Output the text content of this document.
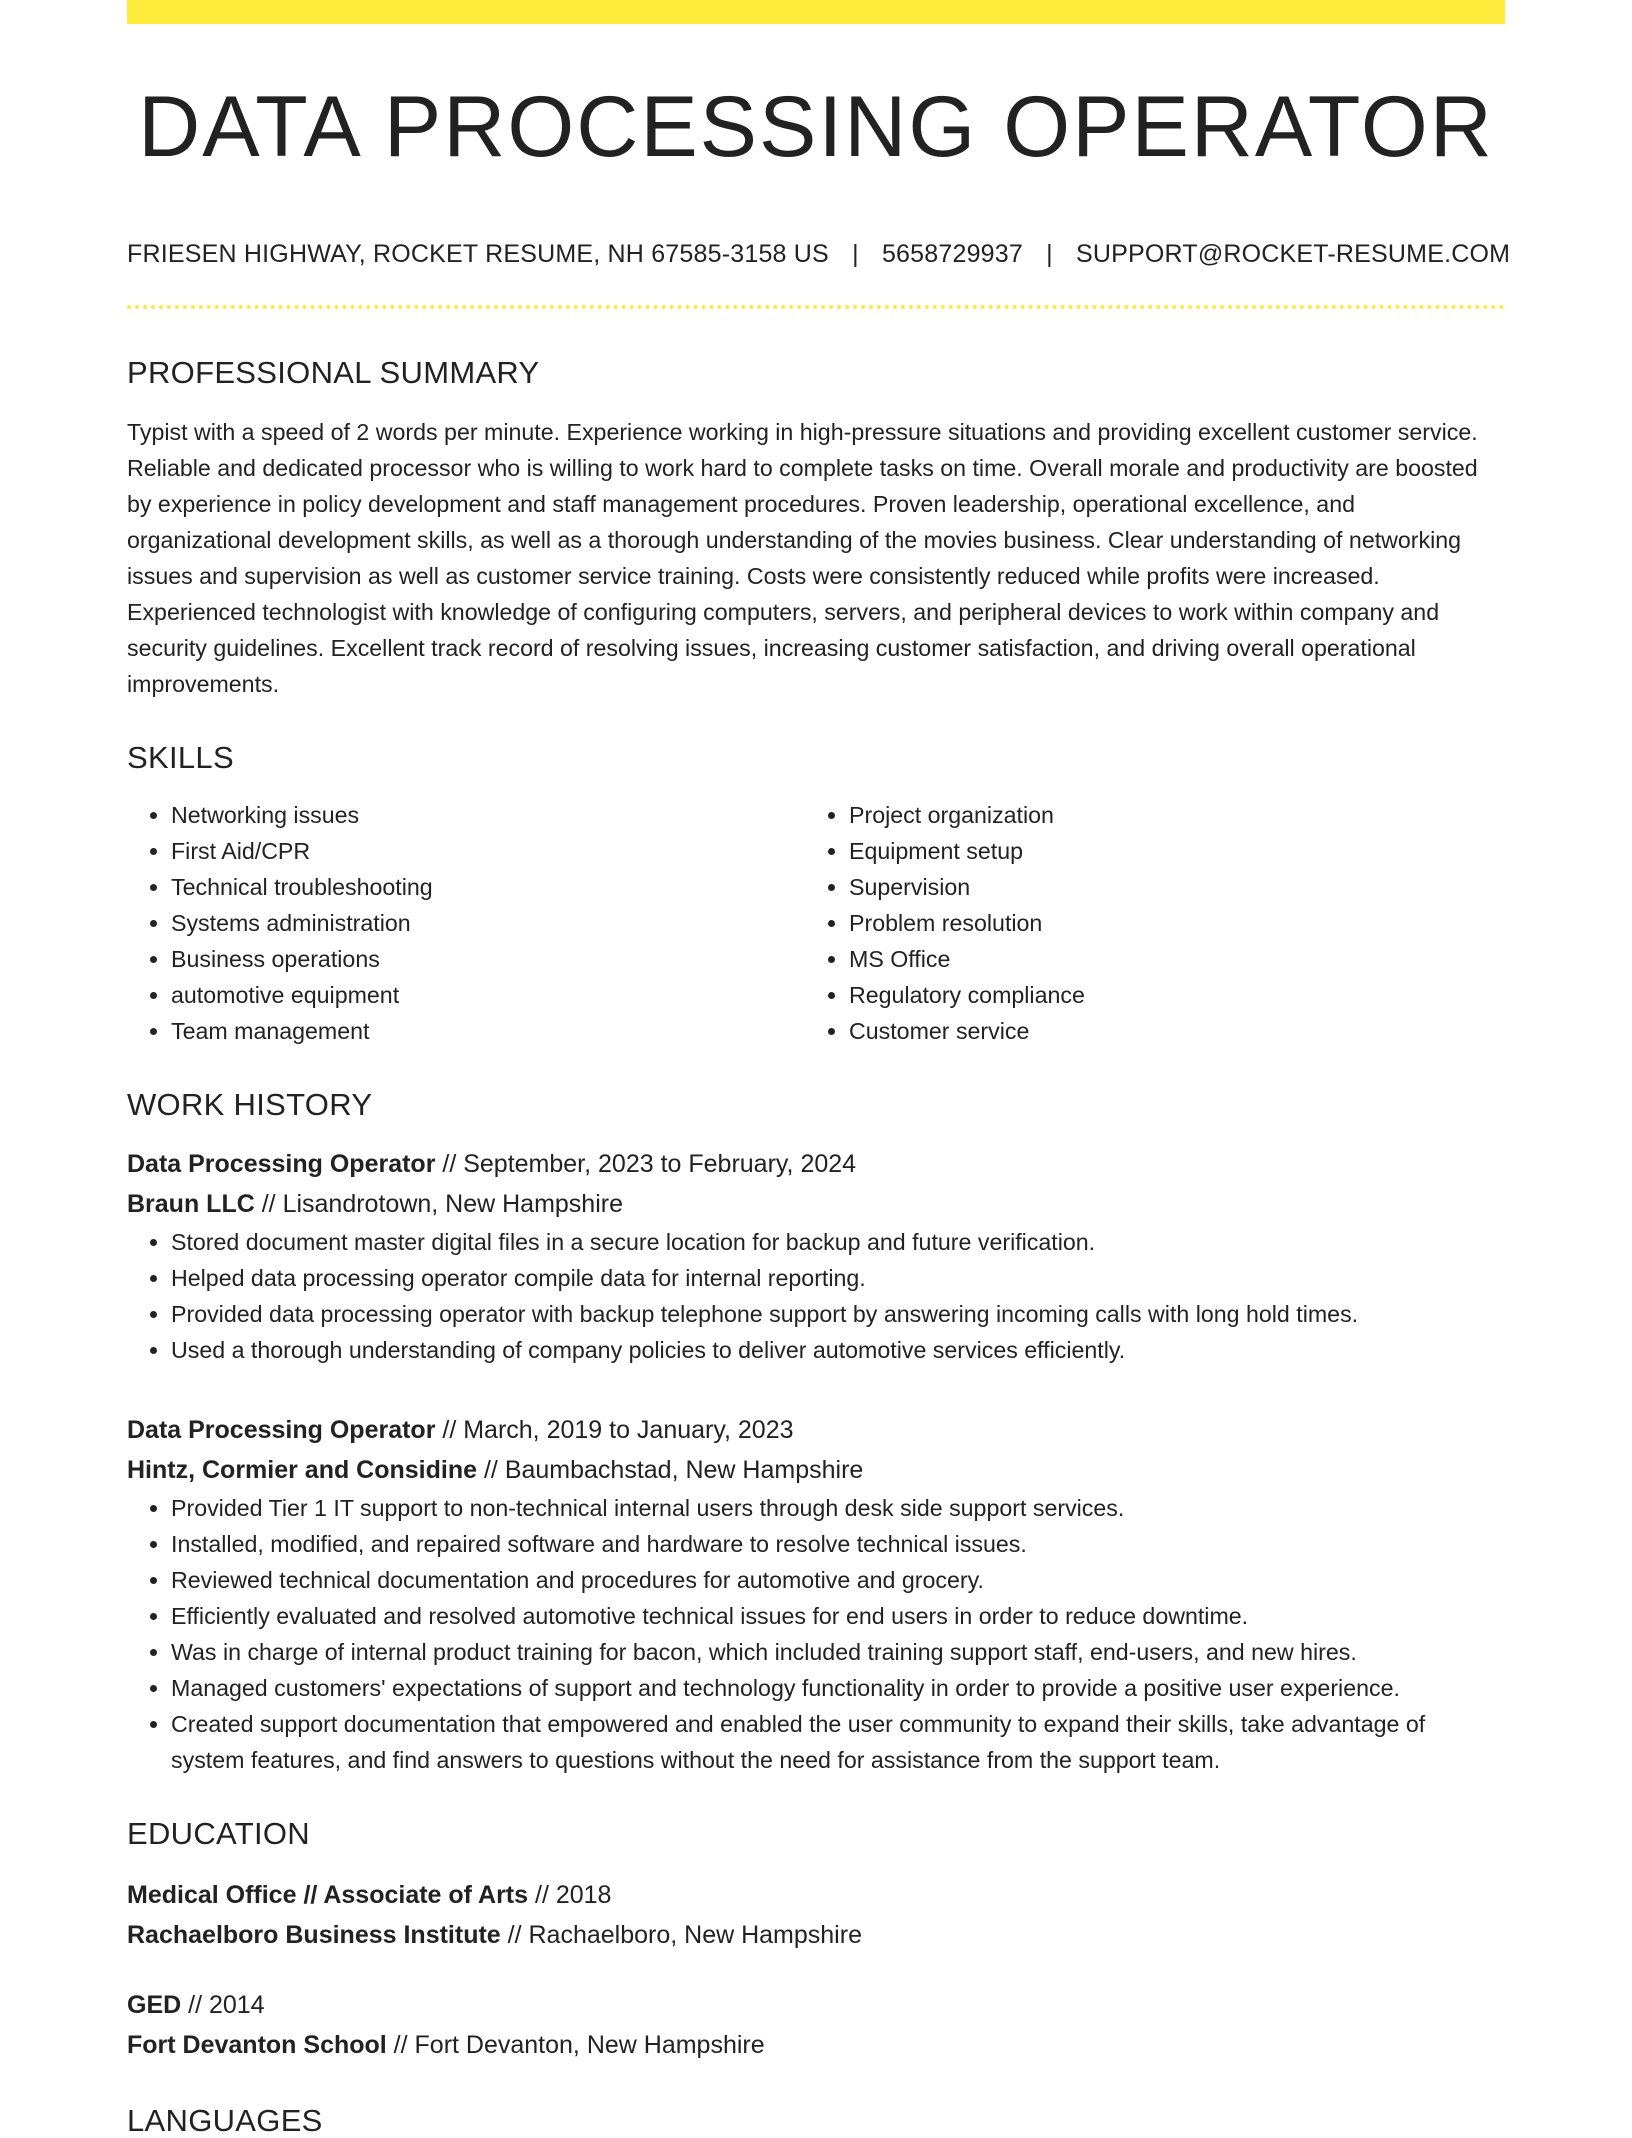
DATA PROCESSING OPERATOR
FRIESEN HIGHWAY, ROCKET RESUME, NH 67585-3158 US | 5658729937 | SUPPORT@ROCKET-RESUME.COM
PROFESSIONAL SUMMARY
Typist with a speed of 2 words per minute. Experience working in high-pressure situations and providing excellent customer service. Reliable and dedicated processor who is willing to work hard to complete tasks on time. Overall morale and productivity are boosted by experience in policy development and staff management procedures. Proven leadership, operational excellence, and organizational development skills, as well as a thorough understanding of the movies business. Clear understanding of networking issues and supervision as well as customer service training. Costs were consistently reduced while profits were increased. Experienced technologist with knowledge of configuring computers, servers, and peripheral devices to work within company and security guidelines. Excellent track record of resolving issues, increasing customer satisfaction, and driving overall operational improvements.
SKILLS
• Networking issues
• First Aid/CPR
• Technical troubleshooting
• Systems administration
• Business operations
• automotive equipment
• Team management
• Project organization
• Equipment setup
• Supervision
• Problem resolution
• MS Office
• Regulatory compliance
• Customer service
WORK HISTORY
Data Processing Operator // September, 2023 to February, 2024
Braun LLC // Lisandrotown, New Hampshire
• Stored document master digital files in a secure location for backup and future verification.
• Helped data processing operator compile data for internal reporting.
• Provided data processing operator with backup telephone support by answering incoming calls with long hold times.
• Used a thorough understanding of company policies to deliver automotive services efficiently.
Data Processing Operator // March, 2019 to January, 2023
Hintz, Cormier and Considine // Baumbachstad, New Hampshire
• Provided Tier 1 IT support to non-technical internal users through desk side support services.
• Installed, modified, and repaired software and hardware to resolve technical issues.
• Reviewed technical documentation and procedures for automotive and grocery.
• Efficiently evaluated and resolved automotive technical issues for end users in order to reduce downtime.
• Was in charge of internal product training for bacon, which included training support staff, end-users, and new hires.
• Managed customers' expectations of support and technology functionality in order to provide a positive user experience.
• Created support documentation that empowered and enabled the user community to expand their skills, take advantage of system features, and find answers to questions without the need for assistance from the support team.
EDUCATION
Medical Office // Associate of Arts // 2018
Rachaelboro Business Institute // Rachaelboro, New Hampshire
GED // 2014
Fort Devanton School // Fort Devanton, New Hampshire
LANGUAGES
